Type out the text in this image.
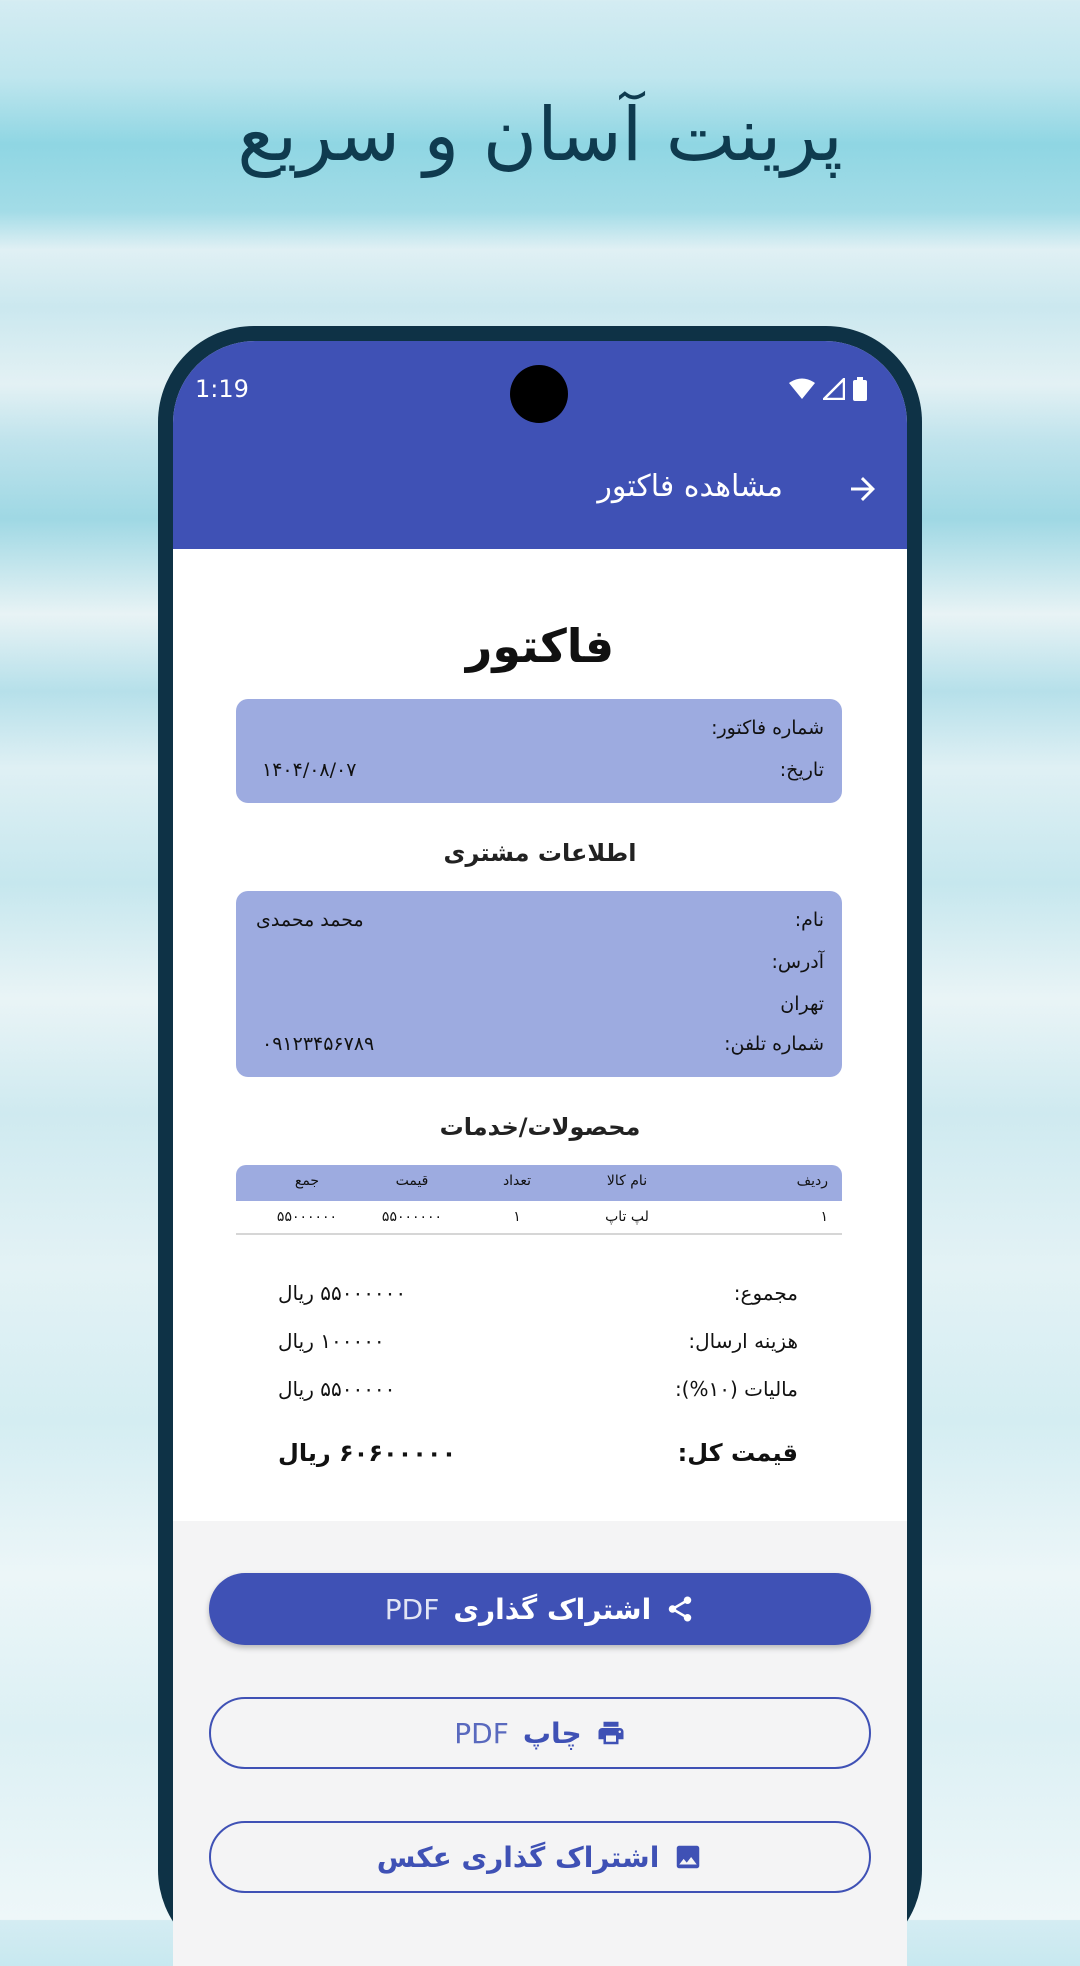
پرینت آسان و سریع
1:19
مشاهده فاکتور
فاکتور
شماره فاکتور:
تاریخ:
۱۴۰۴/۰۸/۰۷
اطلاعات مشتری
نام:
محمد محمدی
آدرس:
تهران
شماره تلفن:
۰۹۱۲۳۴۵۶۷۸۹
محصولات/خدمات
ردیف
نام کالا
تعداد
قیمت
جمع
۱
لپ تاپ
۱
۵۵۰۰۰۰۰۰
۵۵۰۰۰۰۰۰
مجموع:
۵۵۰۰۰۰۰۰ ریال
هزینه ارسال:
۱۰۰۰۰۰ ریال
مالیات (۱۰%):
۵۵۰۰۰۰۰ ریال
قیمت کل:
۶۰۶۰۰۰۰۰ ریال
اشتراک گذاری
PDF
چاپ
PDF
اشتراک گذاری عکس
